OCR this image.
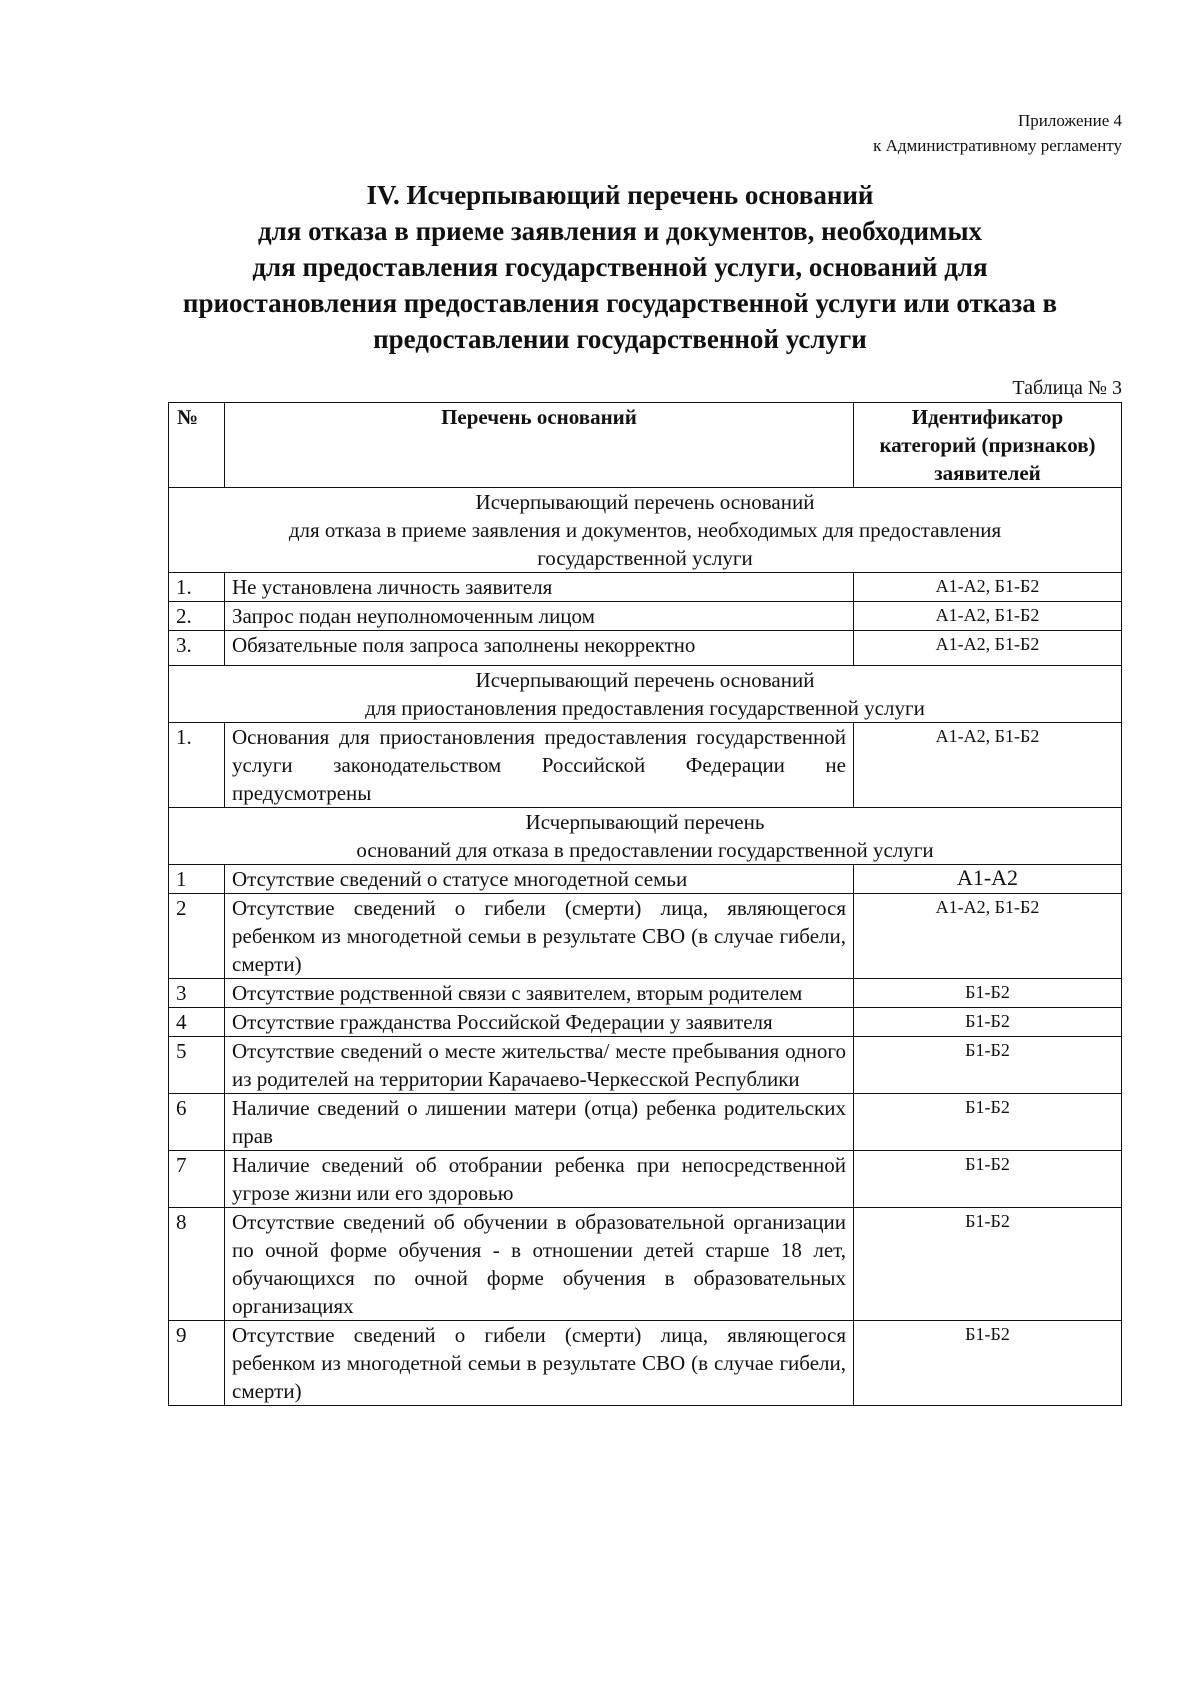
Приложение 4
к Административному регламенту
IV. Исчерпывающий перечень оснований
для отказа в приеме заявления и документов, необходимых
для предоставления государственной услуги, оснований для
приостановления предоставления государственной услуги или отказа в
предоставлении государственной услуги
Таблица № 3
№	Перечень оснований	Идентификатор категорий (признаков) заявителей

Исчерпывающий перечень оснований
для отказа в приеме заявления и документов, необходимых для предоставления
государственной услуги		

1.	Не установлена личность заявителя	А1-А2, Б1-Б2
2.	Запрос подан неуполномоченным лицом	А1-А2, Б1-Б2
3.	Обязательные поля запроса заполнены некорректно	А1-А2, Б1-Б2

Исчерпывающий перечень оснований
для приостановления предоставления государственной услуги		

1.	Основания для приостановления предоставления государственной услуги законодательством Российской Федерации не предусмотрены	А1-А2, Б1-Б2

Исчерпывающий перечень
оснований для отказа в предоставлении государственной услуги		

1	Отсутствие сведений о статусе многодетной семьи	А1-А2
2	Отсутствие сведений о гибели (смерти) лица, являющегося ребенком из многодетной семьи в результате СВО (в случае гибели, смерти)	А1-А2, Б1-Б2
3	Отсутствие родственной связи с заявителем, вторым родителем	Б1-Б2
4	Отсутствие гражданства Российской Федерации у заявителя	Б1-Б2
5	Отсутствие сведений о месте жительства/ месте пребывания одного из родителей на территории Карачаево-Черкесской Республики	Б1-Б2
6	Наличие сведений о лишении матери (отца) ребенка родительских прав	Б1-Б2
7	Наличие сведений об отобрании ребенка при непосредственной угрозе жизни или его здоровью	Б1-Б2
8	Отсутствие сведений об обучении в образовательной организации по очной форме обучения - в отношении детей старше 18 лет, обучающихся по очной форме обучения в образовательных организациях	Б1-Б2
9	Отсутствие сведений о гибели (смерти) лица, являющегося ребенком из многодетной семьи в результате СВО (в случае гибели, смерти)	Б1-Б2
